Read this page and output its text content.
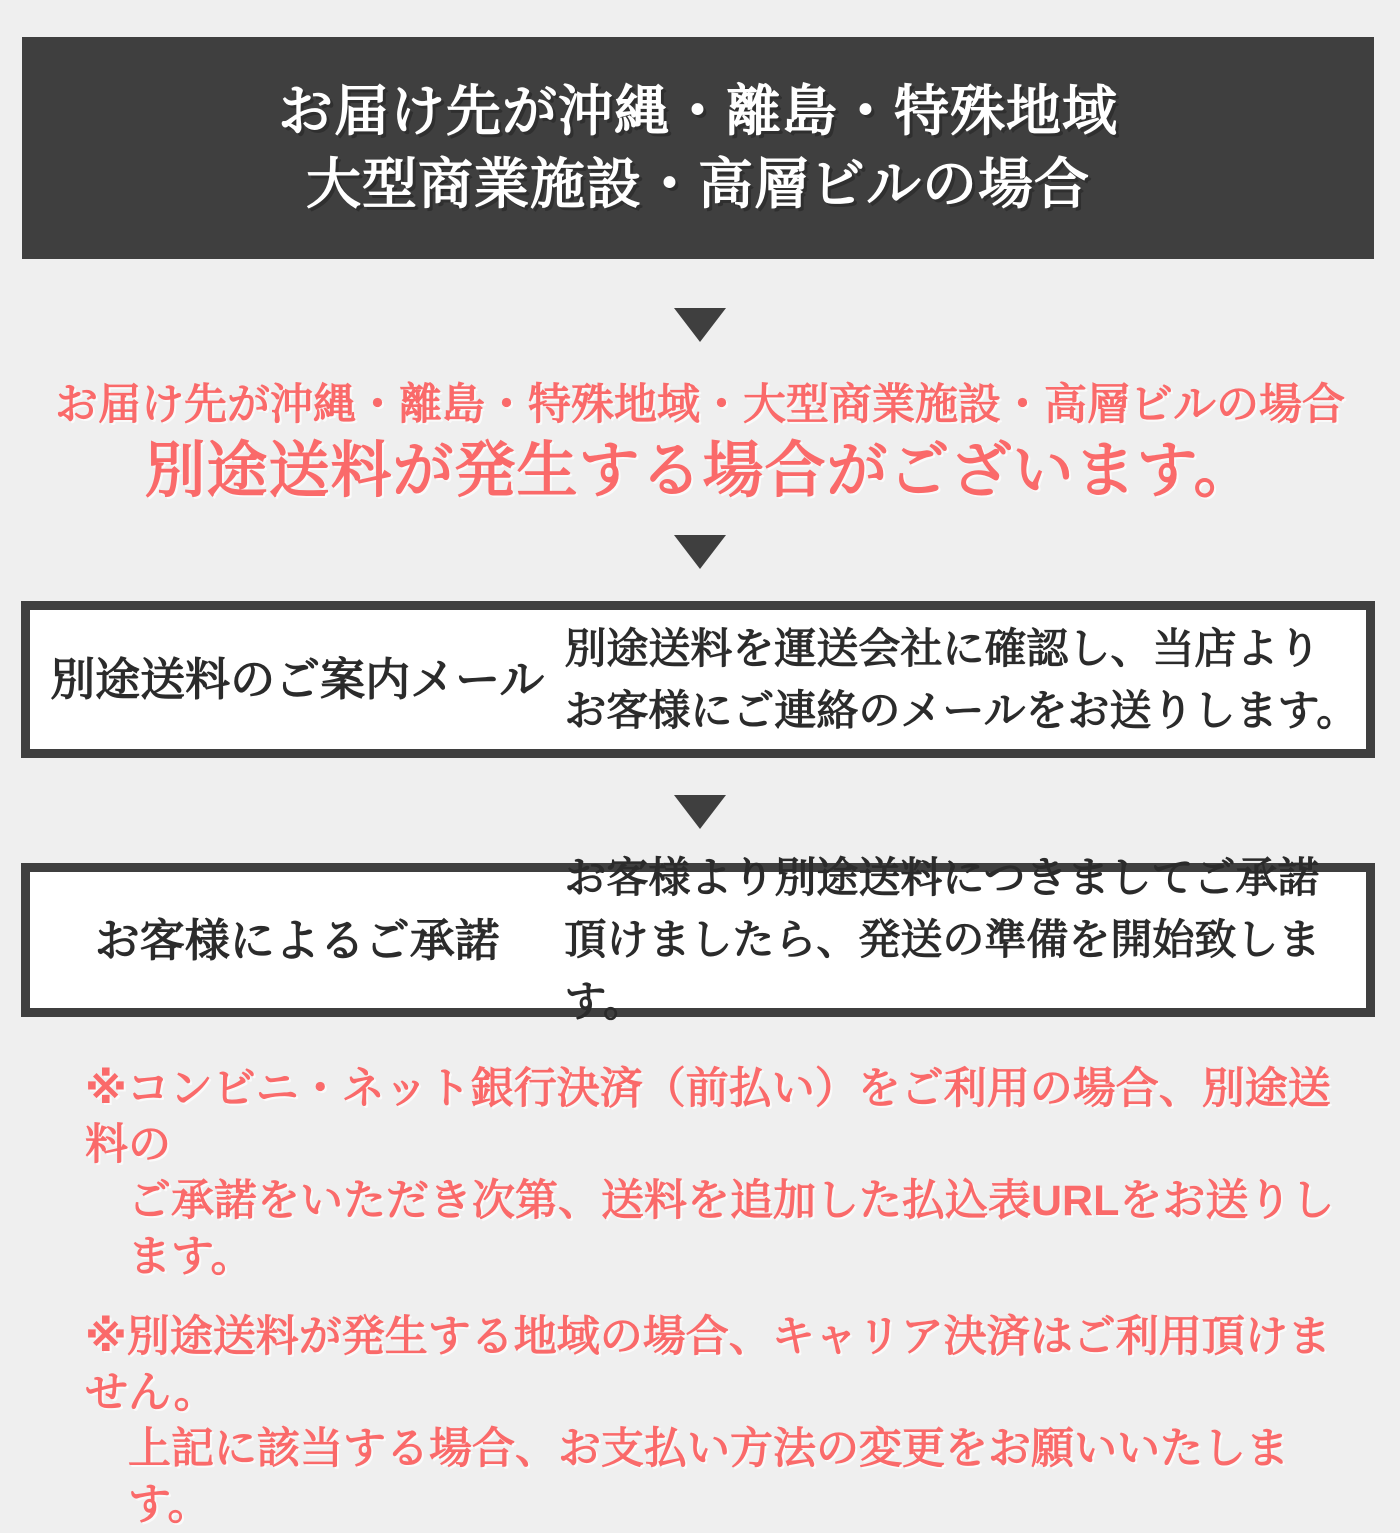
お届け先が沖縄・離島・特殊地域
大型商業施設・高層ビルの場合
お届け先が沖縄・離島・特殊地域・大型商業施設・高層ビルの場合
別途送料が発生する場合がございます。
別途送料のご案内メール
別途送料を運送会社に確認し、当店より
お客様にご連絡のメールをお送りします。
お客様によるご承諾
お客様より別途送料につきましてご承諾
頂けましたら、発送の準備を開始致します。

※コンビニ・ネット銀行決済（前払い）をご利用の場合、別途送料の
ご承諾をいただき次第、送料を追加した払込表URLをお送りします。

※別途送料が発生する地域の場合、キャリア決済はご利用頂けません。
上記に該当する場合、お支払い方法の変更をお願いいたします。
